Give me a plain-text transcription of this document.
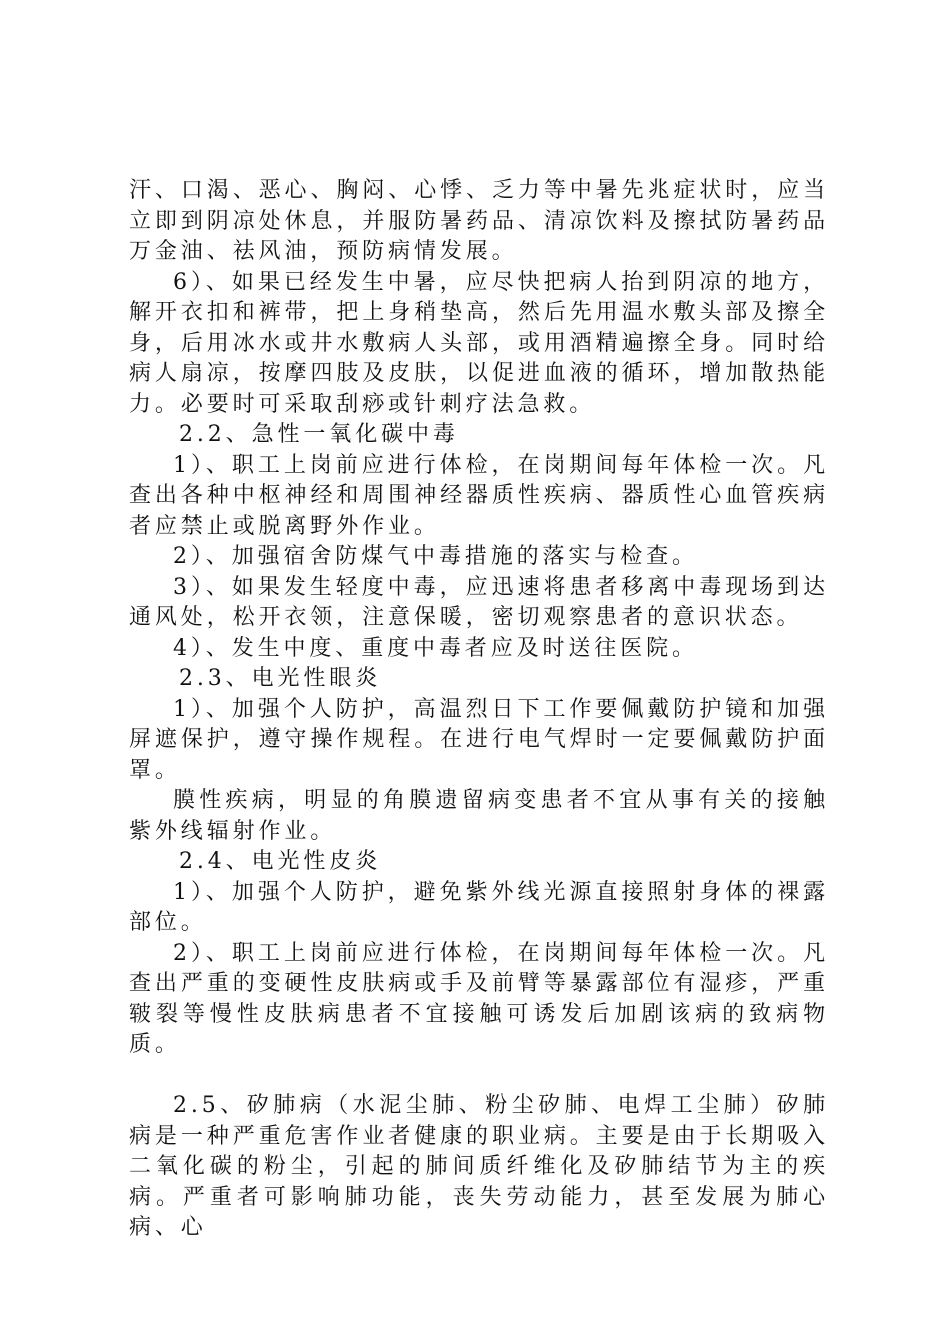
汗、口渴、恶心、胸闷、心悸、乏力等中暑先兆症状时，应当立即到阴凉处休息，并服防暑药品、清凉饮料及擦拭防暑药品万金油、祛风油，预防病情发展。

6）、如果已经发生中暑，应尽快把病人抬到阴凉的地方，解开衣扣和裤带，把上身稍垫高，然后先用温水敷头部及擦全身，后用冰水或井水敷病人头部，或用酒精遍擦全身。同时给病人扇凉，按摩四肢及皮肤，以促进血液的循环，增加散热能力。必要时可采取刮痧或针刺疗法急救。

2.2、急性一氧化碳中毒

1）、职工上岗前应进行体检，在岗期间每年体检一次。凡查出各种中枢神经和周围神经器质性疾病、器质性心血管疾病者应禁止或脱离野外作业。

2）、加强宿舍防煤气中毒措施的落实与检查。

3）、如果发生轻度中毒，应迅速将患者移离中毒现场到达通风处，松开衣领，注意保暖，密切观察患者的意识状态。

4）、发生中度、重度中毒者应及时送往医院。

2.3、电光性眼炎

1）、加强个人防护，高温烈日下工作要佩戴防护镜和加强屏遮保护，遵守操作规程。在进行电气焊时一定要佩戴防护面罩。

膜性疾病，明显的角膜遗留病变患者不宜从事有关的接触紫外线辐射作业。

2.4、电光性皮炎

1）、加强个人防护，避免紫外线光源直接照射身体的裸露部位。

2）、职工上岗前应进行体检，在岗期间每年体检一次。凡查出严重的变硬性皮肤病或手及前臂等暴露部位有湿疹，严重皲裂等慢性皮肤病患者不宜接触可诱发后加剧该病的致病物质。

2.5、矽肺病（水泥尘肺、粉尘矽肺、电焊工尘肺）矽肺病是一种严重危害作业者健康的职业病。主要是由于长期吸入二氧化碳的粉尘，引起的肺间质纤维化及矽肺结节为主的疾病。严重者可影响肺功能，丧失劳动能力，甚至发展为肺心病、心
